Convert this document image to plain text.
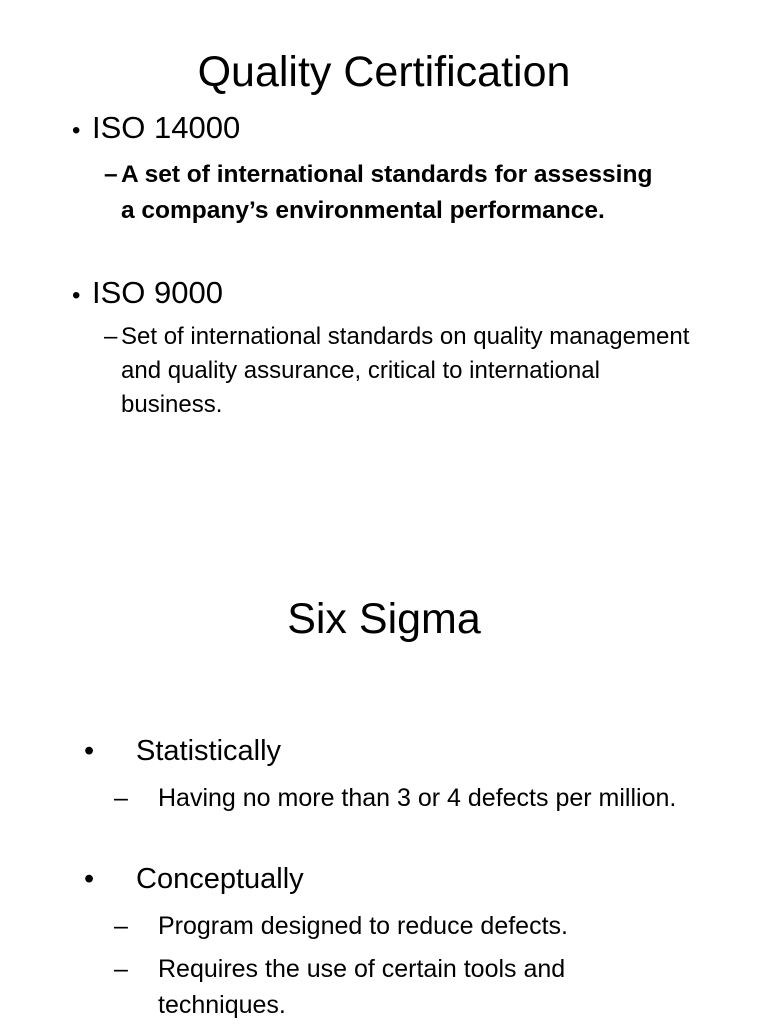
Quality Certification
• ISO 14000
– A set of international standards for assessing a company’s environmental performance.
• ISO 9000
– Set of international standards on quality management and quality assurance, critical to international business.
Six Sigma
• Statistically
– Having no more than 3 or 4 defects per million.
• Conceptually
– Program designed to reduce defects.
– Requires the use of certain tools and techniques.
